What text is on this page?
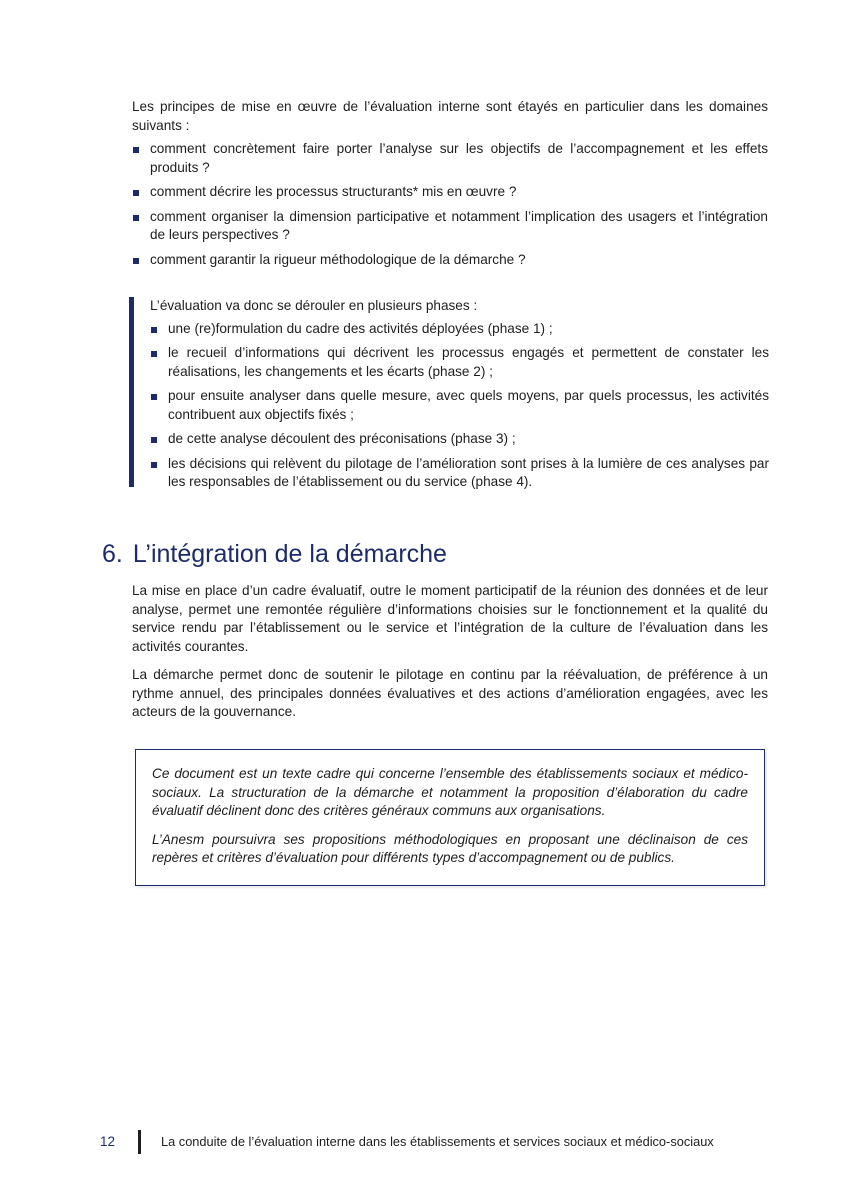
Les principes de mise en œuvre de l’évaluation interne sont étayés en particulier dans les domaines suivants :

comment concrètement faire porter l’analyse sur les objectifs de l’accompagnement et les effets produits ?
comment décrire les processus structurants* mis en œuvre ?
comment organiser la dimension participative et notamment l’implication des usagers et l’intégration de leurs perspectives ?
comment garantir la rigueur méthodologique de la démarche ?

L’évaluation va donc se dérouler en plusieurs phases :

une (re)formulation du cadre des activités déployées (phase 1) ;
le recueil d’informations qui décrivent les processus engagés et permettent de constater les réalisations, les changements et les écarts (phase 2) ;
pour ensuite analyser dans quelle mesure, avec quels moyens, par quels processus, les activités contribuent aux objectifs fixés ;
de cette analyse découlent des préconisations (phase 3) ;
les décisions qui relèvent du pilotage de l’amélioration sont prises à la lumière de ces analyses par les responsables de l’établissement ou du service (phase 4).
6. L’intégration de la démarche

La mise en place d’un cadre évaluatif, outre le moment participatif de la réunion des données et de leur analyse, permet une remontée régulière d’informations choisies sur le fonctionnement et la qualité du service rendu par l’établissement ou le service et l’intégration de la culture de l’évaluation dans les activités courantes.

La démarche permet donc de soutenir le pilotage en continu par la réévaluation, de préférence à un rythme annuel, des principales données évaluatives et des actions d’amélioration engagées, avec les acteurs de la gouvernance.

Ce document est un texte cadre qui concerne l’ensemble des établissements sociaux et médico-sociaux. La structuration de la démarche et notamment la proposition d’élaboration du cadre évaluatif déclinent donc des critères généraux communs aux organisations.

L’Anesm poursuivra ses propositions méthodologiques en proposant une déclinaison de ces repères et critères d’évaluation pour différents types d’accompagnement ou de publics.

12	La conduite de l’évaluation interne dans les établissements et services sociaux et médico-sociaux
